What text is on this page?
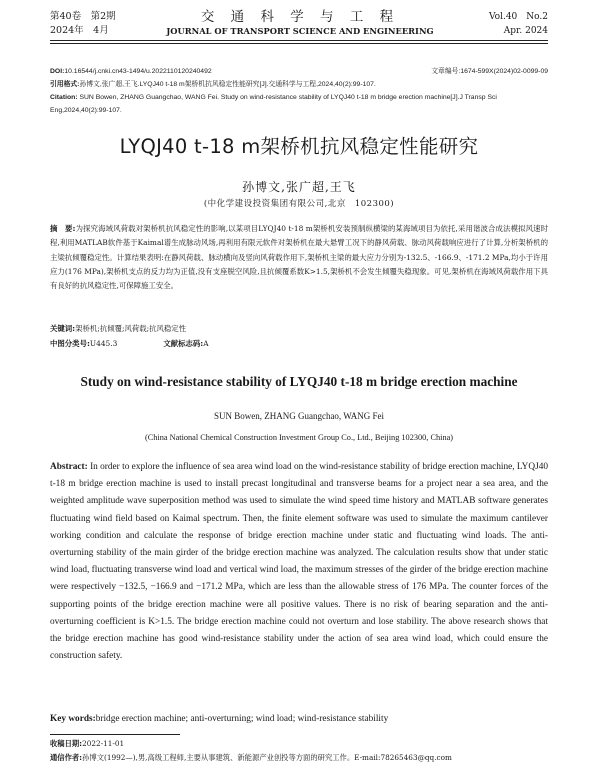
第40卷　第2期
2024年　4月
交 通 科 学 与 工 程
JOURNAL OF TRANSPORT SCIENCE AND ENGINEERING
Vol.40　No.2
Apr. 2024
DOI:10.16544/j.cnki.cn43-1494/u.2022110120240492	文章编号:1674-599X(2024)02-0099-09
引用格式:孙博文,张广超,王飞.LYQJ40 t-18 m架桥机抗风稳定性能研究[J].交通科学与工程,2024,40(2):99-107.
Citation: SUN Bowen, ZHANG Guangchao, WANG Fei. Study on wind-resistance stability of LYQJ40 t-18 m bridge erection machine[J].J Transp Sci Eng,2024,40(2):99-107.
LYQJ40 t-18 m架桥机抗风稳定性能研究
孙博文,张广超,王飞
(中化学建设投资集团有限公司,北京　102300)
摘　要:为探究海域风荷载对架桥机抗风稳定性的影响,以某项目LYQJ40 t-18 m架桥机安装预制纵横梁的某海域项目为依托,采用谐波合成法模拟风速时程,利用MATLAB软件基于Kaimal谱生成脉动风场,再利用有限元软件对架桥机在最大悬臂工况下的静风荷载、脉动风荷载响应进行了计算,分析架桥机的主梁抗倾覆稳定性。计算结果表明:在静风荷载、脉动横向及竖向风荷载作用下,架桥机主梁的最大应力分别为-132.5、-166.9、-171.2 MPa,均小于许用应力(176 MPa),架桥机支点的反力均为正值,没有支座脱空风险,且抗倾覆系数K>1.5,架桥机不会发生倾覆失稳现象。可见,架桥机在海域风荷载作用下具有良好的抗风稳定性,可保障施工安全。
关键词:架桥机;抗倾覆;风荷载;抗风稳定性
中图分类号:U445.3	文献标志码:A
Study on wind-resistance stability of LYQJ40 t-18 m bridge erection machine
SUN Bowen, ZHANG Guangchao, WANG Fei
(China National Chemical Construction Investment Group Co., Ltd., Beijing 102300, China)
Abstract: In order to explore the influence of sea area wind load on the wind-resistance stability of bridge erection machine, LYQJ40 t-18 m bridge erection machine is used to install precast longitudinal and transverse beams for a project near a sea area, and the weighted amplitude wave superposition method was used to simulate the wind speed time history and MATLAB software generates fluctuating wind field based on Kaimal spectrum. Then, the finite element software was used to simulate the maximum cantilever working condition and calculate the response of bridge erection machine under static and fluctuating wind loads. The anti-overturning stability of the main girder of the bridge erection machine was analyzed. The calculation results show that under static wind load, fluctuating transverse wind load and vertical wind load, the maximum stresses of the girder of the bridge erection machine were respectively −132.5, −166.9 and −171.2 MPa, which are less than the allowable stress of 176 MPa. The counter forces of the supporting points of the bridge erection machine were all positive values. There is no risk of bearing separation and the anti-overturning coefficient is K>1.5. The bridge erection machine could not overturn and lose stability. The above research shows that the bridge erection machine has good wind-resistance stability under the action of sea area wind load, which could ensure the construction safety.
Key words:bridge erection machine; anti-overturning; wind load; wind-resistance stability
收稿日期:2022-11-01
通信作者:孙博文(1992—),男,高级工程师,主要从事建筑、新能源产业创投等方面的研究工作。E-mail:78265463@qq.com
